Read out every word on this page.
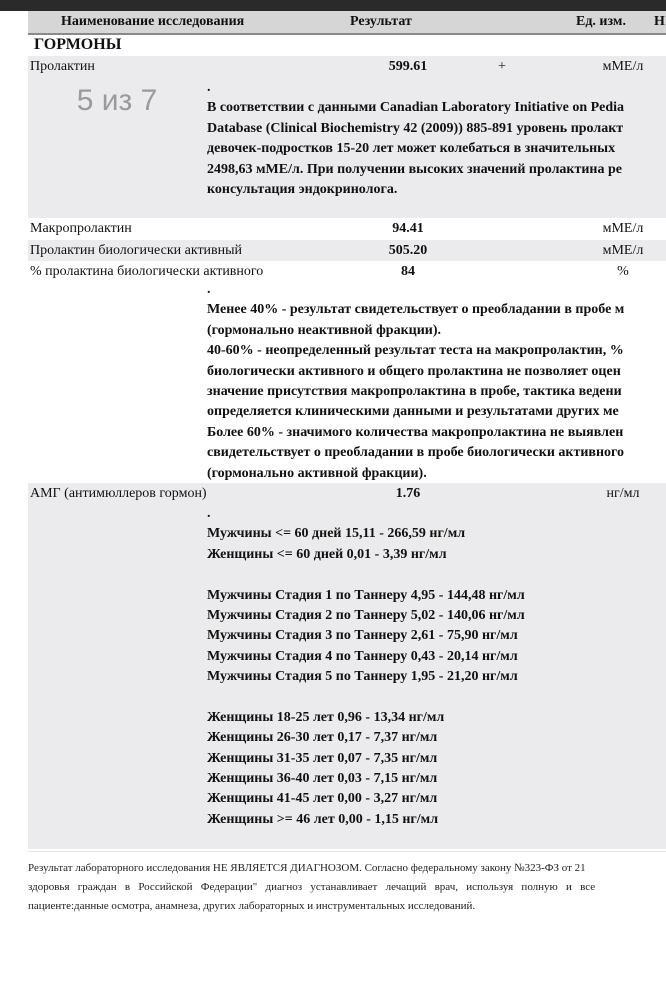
Наименование исследования	Результат	Ед. изм. Н
ГОРМОНЫ
Пролактин	599.61	+	мМЕ/л
5 из 7	.
В соответствии с данными Canadian Laboratory Initiative on Pedia
Database (Clinical Biochemistry 42 (2009)) 885-891 уровень пролакт
девочек-подростков 15-20 лет может колебаться в значительных
2498,63 мМЕ/л. При получении высоких значений пролактина ре
консультация эндокринолога.
Макропролактин	94.41	мМЕ/л
Пролактин биологически активный	505.20	мМЕ/л
% пролактина биологически активного	84	%
.
Менее 40% - результат свидетельствует о преобладании в пробе м
(гормонально неактивной фракции).
40-60% - неопределенный результат теста на макропролактин, %
биологически активного и общего пролактина не позволяет оцен
значение присутствия макропролактина в пробе, тактика ведени
определяется клиническими данными и результатами других ме
Более 60% - значимого количества макропролактина не выявлен
свидетельствует о преобладании в пробе биологически активного
(гормонально активной фракции).
АМГ (антимюллеров гормон)	1.76	нг/мл
.
Мужчины <= 60 дней 15,11 - 266,59 нг/мл
Женщины <= 60 дней 0,01 - 3,39 нг/мл
Мужчины Стадия 1 по Таннеру 4,95 - 144,48 нг/мл
Мужчины Стадия 2 по Таннеру 5,02 - 140,06 нг/мл
Мужчины Стадия 3 по Таннеру 2,61 - 75,90 нг/мл
Мужчины Стадия 4 по Таннеру 0,43 - 20,14 нг/мл
Мужчины Стадия 5 по Таннеру 1,95 - 21,20 нг/мл
Женщины 18-25 лет 0,96 - 13,34 нг/мл
Женщины 26-30 лет 0,17 - 7,37 нг/мл
Женщины 31-35 лет 0,07 - 7,35 нг/мл
Женщины 36-40 лет 0,03 - 7,15 нг/мл
Женщины 41-45 лет 0,00 - 3,27 нг/мл
Женщины >= 46 лет 0,00 - 1,15 нг/мл
Результат лабораторного исследования НЕ ЯВЛЯЕТСЯ ДИАГНОЗОМ. Согласно федеральному закону №323-ФЗ от 21
здоровья   граждан   в   Российской   Федерации"   диагноз   устанавливает   лечащий   врач,   используя   полную   и   все
пациенте:данные осмотра, анамнеза, других лабораторных и инструментальных исследований.
